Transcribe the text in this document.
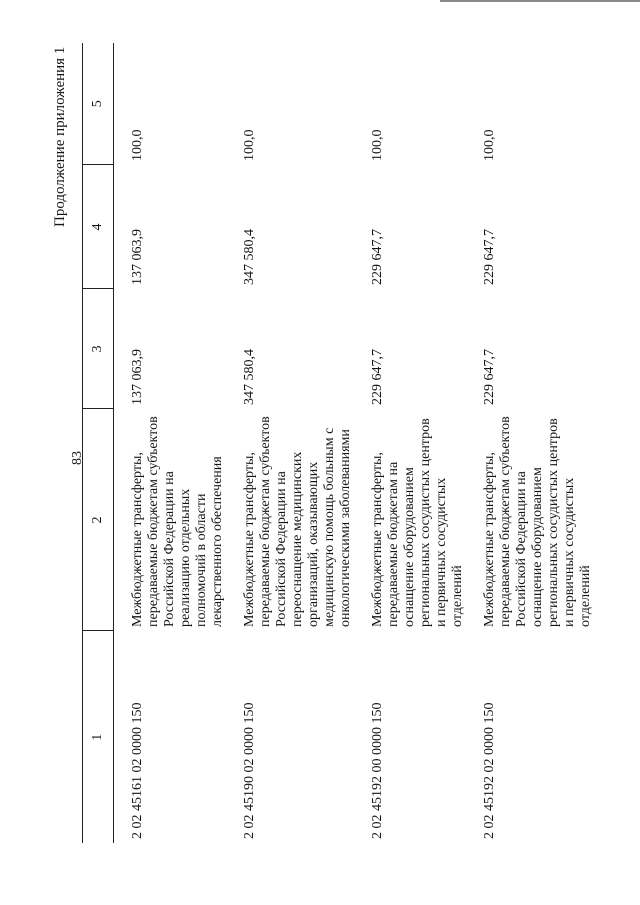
83
Продолжение приложения 1
1	2	3	4	5
2 02 45161 02 0000 150	Межбюджетные трансферты, передаваемые бюджетам субъектов Российской Федерации на реализацию отдельных полномочий в области лекарственного обеспечения	137 063,9	137 063,9	100,0
2 02 45190 02 0000 150	Межбюджетные трансферты, передаваемые бюджетам субъектов Российской Федерации на переоснащение медицинских организаций, оказывающих медицинскую помощь больным с онкологическими заболеваниями	347 580,4	347 580,4	100,0
2 02 45192 00 0000 150	Межбюджетные трансферты, передаваемые бюджетам на оснащение оборудованием региональных сосудистых центров и первичных сосудистых отделений	229 647,7	229 647,7	100,0
2 02 45192 02 0000 150	Межбюджетные трансферты, передаваемые бюджетам субъектов Российской Федерации на оснащение оборудованием региональных сосудистых центров и первичных сосудистых отделений	229 647,7	229 647,7	100,0
